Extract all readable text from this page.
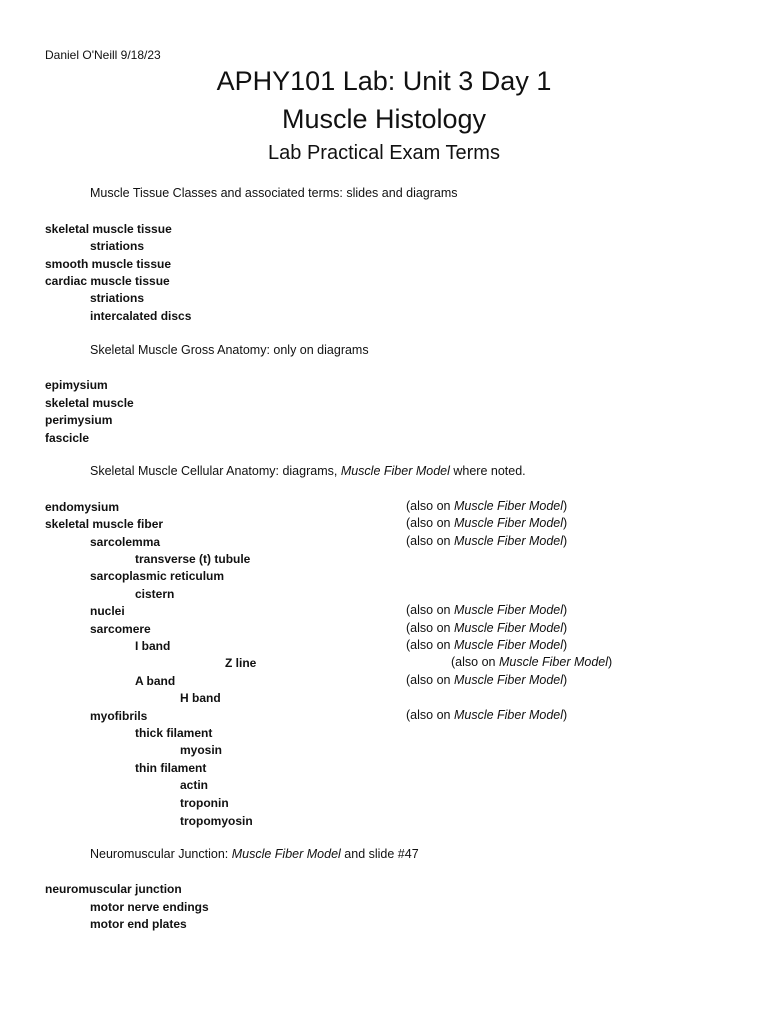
Daniel O'Neill 9/18/23
APHY101 Lab: Unit 3 Day 1
Muscle Histology
Lab Practical Exam Terms
Muscle Tissue Classes and associated terms: slides and diagrams
skeletal muscle tissue
striations
smooth muscle tissue
cardiac muscle tissue
striations
intercalated discs
Skeletal Muscle Gross Anatomy: only on diagrams
epimysium
skeletal muscle
perimysium
fascicle
Skeletal Muscle Cellular Anatomy: diagrams, Muscle Fiber Model where noted.
endomysium	(also on Muscle Fiber Model)
skeletal muscle fiber	(also on Muscle Fiber Model)
sarcolemma	(also on Muscle Fiber Model)
transverse (t) tubule
sarcoplasmic reticulum
cistern
nuclei	(also on Muscle Fiber Model)
sarcomere	(also on Muscle Fiber Model)
I band	(also on Muscle Fiber Model)
Z line	(also on Muscle Fiber Model)
A band	(also on Muscle Fiber Model)
H band
myofibrils	(also on Muscle Fiber Model)
thick filament
myosin
thin filament
actin
troponin
tropomyosin
Neuromuscular Junction: Muscle Fiber Model and slide #47
neuromuscular junction
motor nerve endings
motor end plates
